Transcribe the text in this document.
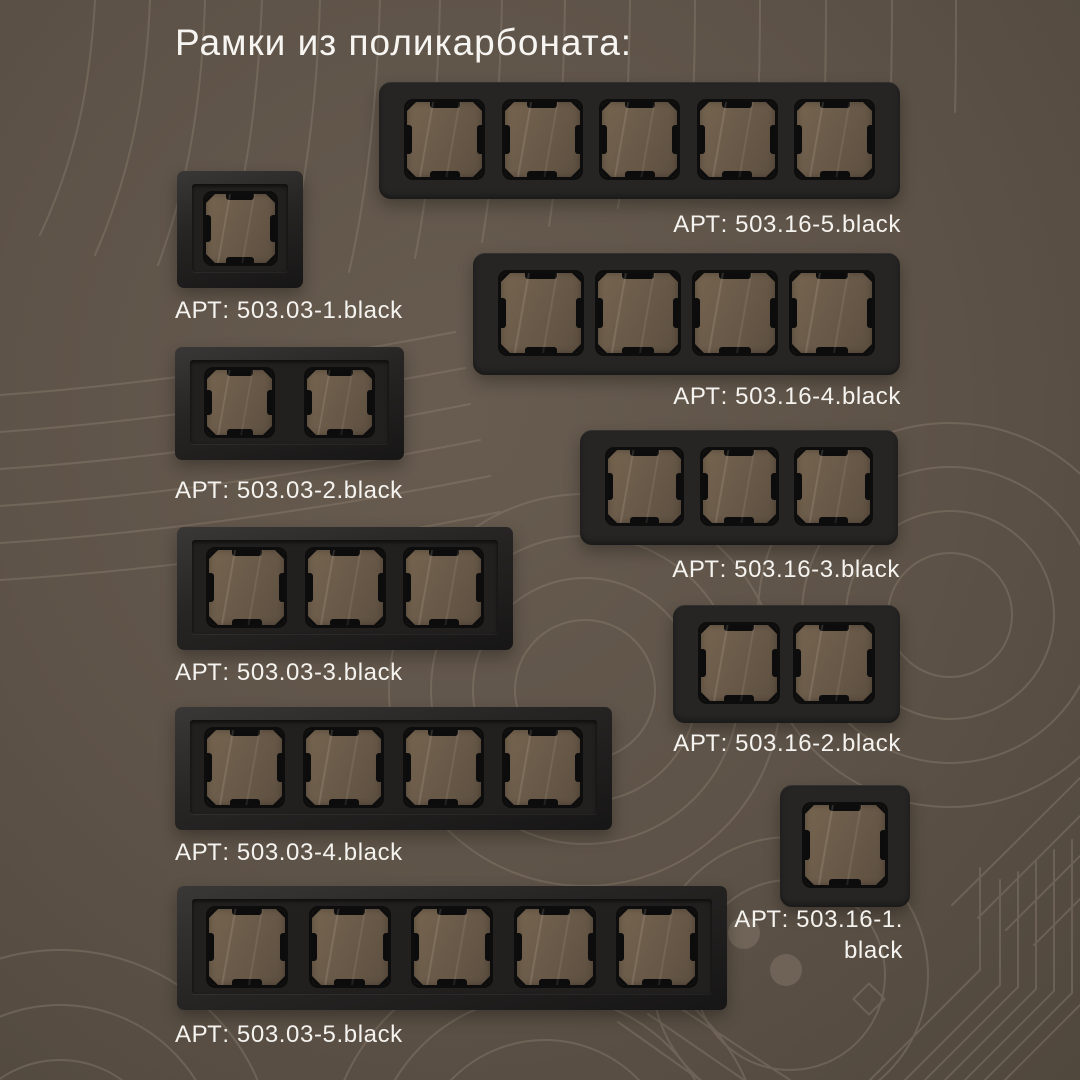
Рамки из поликарбоната:
АРТ: 503.03-1.black
АРТ: 503.03-2.black
АРТ: 503.03-3.black
АРТ: 503.03-4.black
АРТ: 503.03-5.black
АРТ: 503.16-5.black
АРТ: 503.16-4.black
АРТ: 503.16-3.black
АРТ: 503.16-2.black
АРТ: 503.16-1.
black
